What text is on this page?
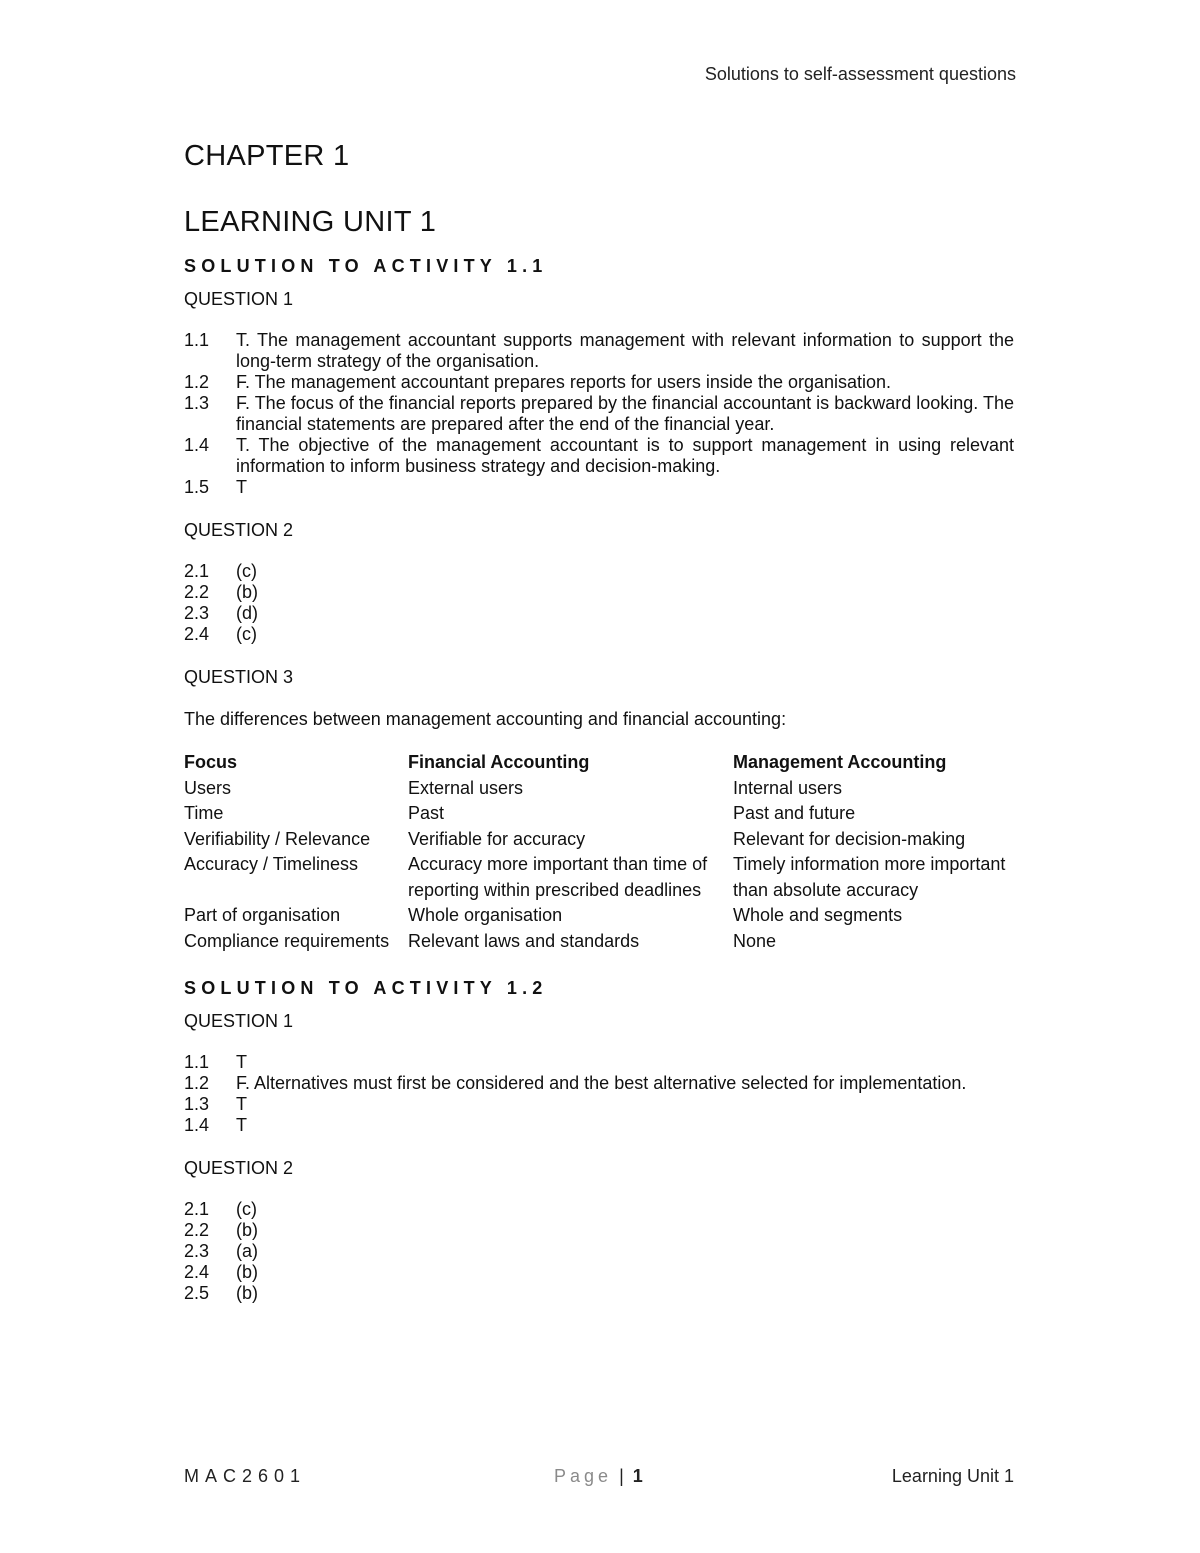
Solutions to self-assessment questions
CHAPTER 1
LEARNING UNIT 1
SOLUTION TO ACTIVITY 1.1
QUESTION 1
1.1	T. The management accountant supports management with relevant information to support the long-term strategy of the organisation.
1.2	F. The management accountant prepares reports for users inside the organisation.
1.3	F. The focus of the financial reports prepared by the financial accountant is backward looking. The financial statements are prepared after the end of the financial year.
1.4	T. The objective of the management accountant is to support management in using relevant information to inform business strategy and decision-making.
1.5	T
QUESTION 2
2.1	(c)
2.2	(b)
2.3	(d)
2.4	(c)
QUESTION 3
The differences between management accounting and financial accounting:
Focus	Financial Accounting	Management Accounting
Users	External users	Internal users
Time	Past	Past and future
Verifiability / Relevance	Verifiable for accuracy	Relevant for decision-making
Accuracy / Timeliness	Accuracy more important than time of reporting within prescribed deadlines	Timely information more important than absolute accuracy
Part of organisation	Whole organisation	Whole and segments
Compliance requirements	Relevant laws and standards	None
SOLUTION TO ACTIVITY 1.2
QUESTION 1
1.1	T
1.2	F. Alternatives must first be considered and the best alternative selected for implementation.
1.3	T
1.4	T
QUESTION 2
2.1	(c)
2.2	(b)
2.3	(a)
2.4	(b)
2.5	(b)
MAC2601	Page | 1	Learning Unit 1
